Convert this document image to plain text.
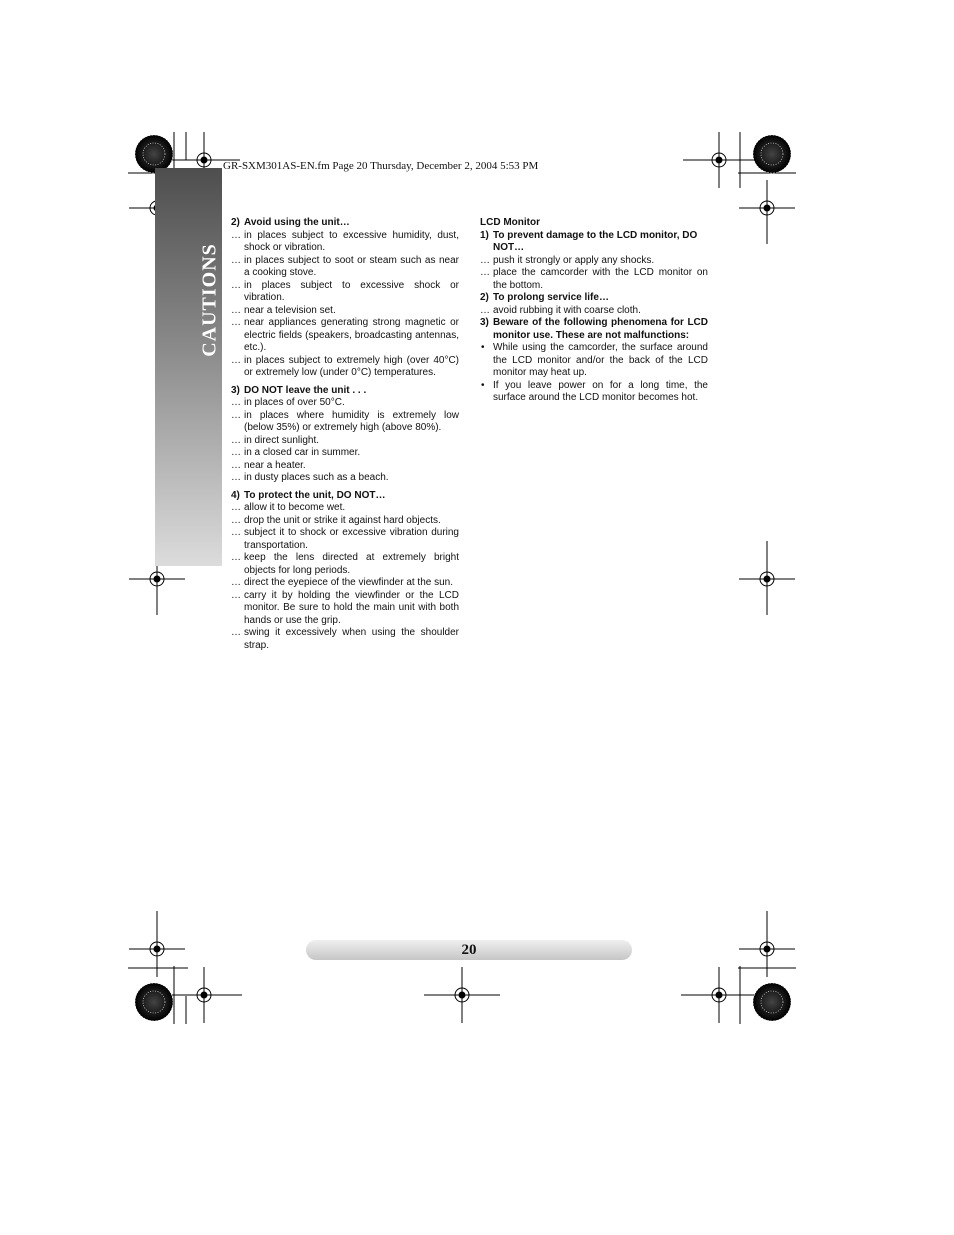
GR-SXM301AS-EN.fm Page 20 Thursday, December 2, 2004 5:53 PM
CAUTIONS
2) Avoid using the unit…
… in places subject to excessive humidity, dust, shock or vibration.
… in places subject to soot or steam such as near a cooking stove.
… in places subject to excessive shock or vibration.
… near a television set.
… near appliances generating strong magnetic or electric fields (speakers, broadcasting antennas, etc.).
… in places subject to extremely high (over 40°C) or extremely low (under 0°C) temperatures.
3) DO NOT leave the unit . . .
… in places of over 50°C.
… in places where humidity is extremely low (below 35%) or extremely high (above 80%).
… in direct sunlight.
… in a closed car in summer.
… near a heater.
… in dusty places such as a beach.
4) To protect the unit, DO NOT…
… allow it to become wet.
… drop the unit or strike it against hard objects.
… subject it to shock or excessive vibration during transportation.
… keep the lens directed at extremely bright objects for long periods.
… direct the eyepiece of the viewfinder at the sun.
… carry it by holding the viewfinder or the LCD monitor. Be sure to hold the main unit with both hands or use the grip.
… swing it excessively when using the shoulder strap.
LCD Monitor
1) To prevent damage to the LCD monitor, DO NOT…
… push it strongly or apply any shocks.
… place the camcorder with the LCD monitor on the bottom.
2) To prolong service life…
… avoid rubbing it with coarse cloth.
3) Beware of the following phenomena for LCD monitor use. These are not malfunctions:
• While using the camcorder, the surface around the LCD monitor and/or the back of the LCD monitor may heat up.
• If you leave power on for a long time, the surface around the LCD monitor becomes hot.
20
